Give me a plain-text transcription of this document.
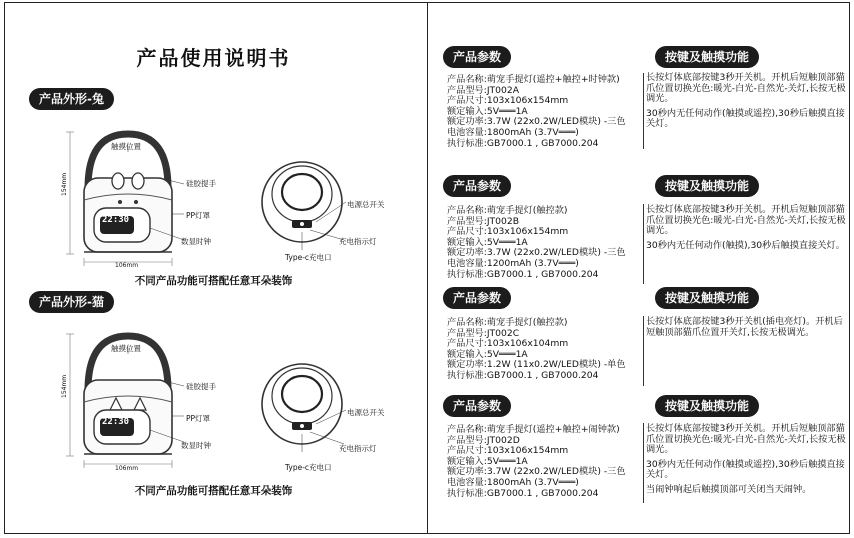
产品使用说明书
产品外形-兔
22:30
触摸位置
硅胶提手
PP灯罩
数显时钟
154mm
106mm
电源总开关
充电指示灯
Type-c充电口
不同产品功能可搭配任意耳朵装饰
产品外形-猫
22:30
触摸位置
硅胶提手
PP灯罩
数显时钟
154mm
106mm
电源总开关
充电指示灯
Type-c充电口
不同产品功能可搭配任意耳朵装饰
产品参数	按键及触摸功能
产品名称:萌宠手提灯(遥控+触控+时钟款)
产品型号:JT002A
产品尺寸:103x106x154mm
额定输入:5V═══1A
额定功率:3.7W (22x0.2W/LED模块) -三色
电池容量:1800mAh (3.7V═══)
执行标准:GB7000.1 , GB7000.204

长按灯体底部按键3秒开关机。开机后短触顶部猫爪位置切换光色:暖光-白光-自然光-关灯,长按无极调光。

30秒内无任何动作(触摸或遥控),30秒后触摸直接关灯。

产品参数	按键及触摸功能
产品名称:萌宠手提灯(触控款)
产品型号:JT002B
产品尺寸:103x106x154mm
额定输入:5V═══1A
额定功率:3.7W (22x0.2W/LED模块) -三色
电池容量:1200mAh (3.7V═══)
执行标准:GB7000.1 , GB7000.204

长按灯体底部按键3秒开关机。开机后短触顶部猫爪位置切换光色:暖光-白光-自然光-关灯,长按无极调光。

30秒内无任何动作(触摸),30秒后触摸直接关灯。

产品参数	按键及触摸功能
产品名称:萌宠手提灯(触控款)
产品型号:JT002C
产品尺寸:103x106x104mm
额定输入:5V═══1A
额定功率:1.2W (11x0.2W/LED模块) -单色
执行标准:GB7000.1 , GB7000.204

长按灯体底部按键3秒开关机(插电亮灯)。开机后短触顶部猫爪位置开关灯,长按无极调光。

产品参数	按键及触摸功能
产品名称:萌宠手提灯(遥控+触控+闹钟款)
产品型号:JT002D
产品尺寸:103x106x154mm
额定输入:5V═══1A
额定功率:3.7W (22x0.2W/LED模块) -三色
电池容量:1800mAh (3.7V═══)
执行标准:GB7000.1 , GB7000.204

长按灯体底部按键3秒开关机。开机后短触顶部猫爪位置切换光色:暖光-白光-自然光-关灯,长按无极调光。

30秒内无任何动作(触摸或遥控),30秒后触摸直接关灯。

当闹钟响起后触摸顶部可关闭当天闹钟。
